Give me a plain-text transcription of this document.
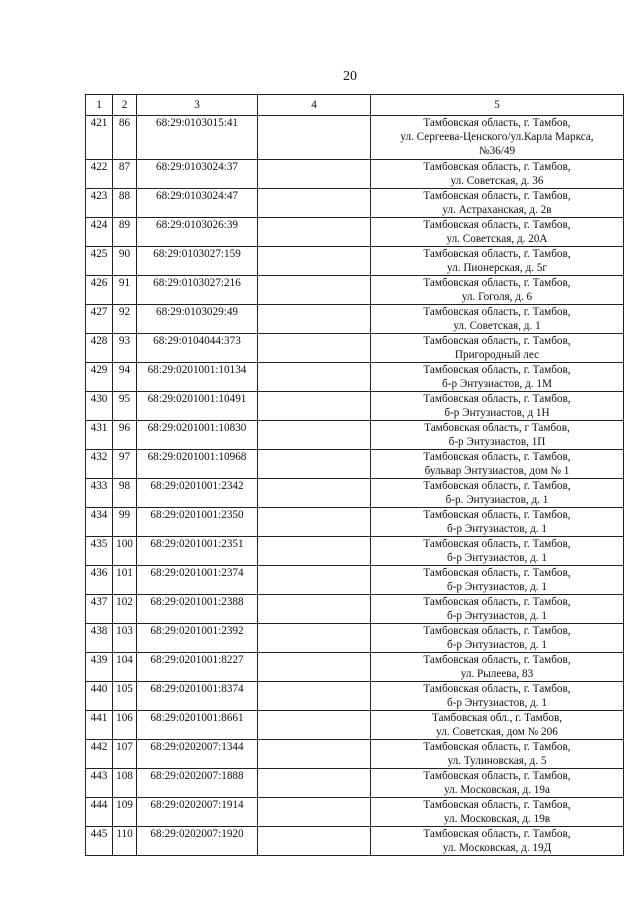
20
1	2	3	4	5
421	86	68:29:0103015:41		Тамбовская область, г. Тамбов,
ул. Сергеева-Ценского/ул.Карла Маркса,
№36/49

422	87	68:29:0103024:37		Тамбовская область, г. Тамбов,
ул. Советская, д. 36

423	88	68:29:0103024:47		Тамбовская область, г. Тамбов,
ул. Астраханская, д. 2в

424	89	68:29:0103026:39		Тамбовская область, г. Тамбов,
ул. Советская, д. 20А

425	90	68:29:0103027:159		Тамбовская область, г. Тамбов,
ул. Пионерская, д. 5г

426	91	68:29:0103027:216		Тамбовская область, г. Тамбов,
ул. Гоголя, д. 6

427	92	68:29:0103029:49		Тамбовская область, г. Тамбов,
ул. Советская, д. 1

428	93	68:29:0104044:373		Тамбовская область, г. Тамбов,
Пригородный лес

429	94	68:29:0201001:10134		Тамбовская область, г. Тамбов,
б-р Энтузиастов, д. 1М

430	95	68:29:0201001:10491		Тамбовская область, г. Тамбов,
б-р Энтузиастов, д 1Н

431	96	68:29:0201001:10830		Тамбовская область, г Тамбов,
б-р Энтузиастов, 1П

432	97	68:29:0201001:10968		Тамбовская область, г. Тамбов,
бульвар Энтузиастов, дом № 1

433	98	68:29:0201001:2342		Тамбовская область, г. Тамбов,
б-р. Энтузиастов, д. 1

434	99	68:29:0201001:2350		Тамбовская область, г. Тамбов,
б-р Энтузиастов, д. 1

435	100	68:29:0201001:2351		Тамбовская область, г. Тамбов,
б-р Энтузиастов, д. 1

436	101	68:29:0201001:2374		Тамбовская область, г. Тамбов,
б-р Энтузиастов, д. 1

437	102	68:29:0201001:2388		Тамбовская область, г. Тамбов,
б-р Энтузиастов, д. 1

438	103	68:29:0201001:2392		Тамбовская область, г. Тамбов,
б-р Энтузиастов, д. 1

439	104	68:29:0201001:8227		Тамбовская область, г. Тамбов,
ул. Рылеева, 83

440	105	68:29:0201001:8374		Тамбовская область, г. Тамбов,
б-р Энтузиастов, д. 1

441	106	68:29:0201001:8661		Тамбовская обл., г. Тамбов,
ул. Советская, дом № 206

442	107	68:29:0202007:1344		Тамбовская область, г. Тамбов,
ул. Тулиновская, д. 5

443	108	68:29:0202007:1888		Тамбовская область, г. Тамбов,
ул. Московская, д. 19а

444	109	68:29:0202007:1914		Тамбовская область, г. Тамбов,
ул. Московская, д. 19в

445	110	68:29:0202007:1920		Тамбовская область, г. Тамбов,
ул. Московская, д. 19Д
